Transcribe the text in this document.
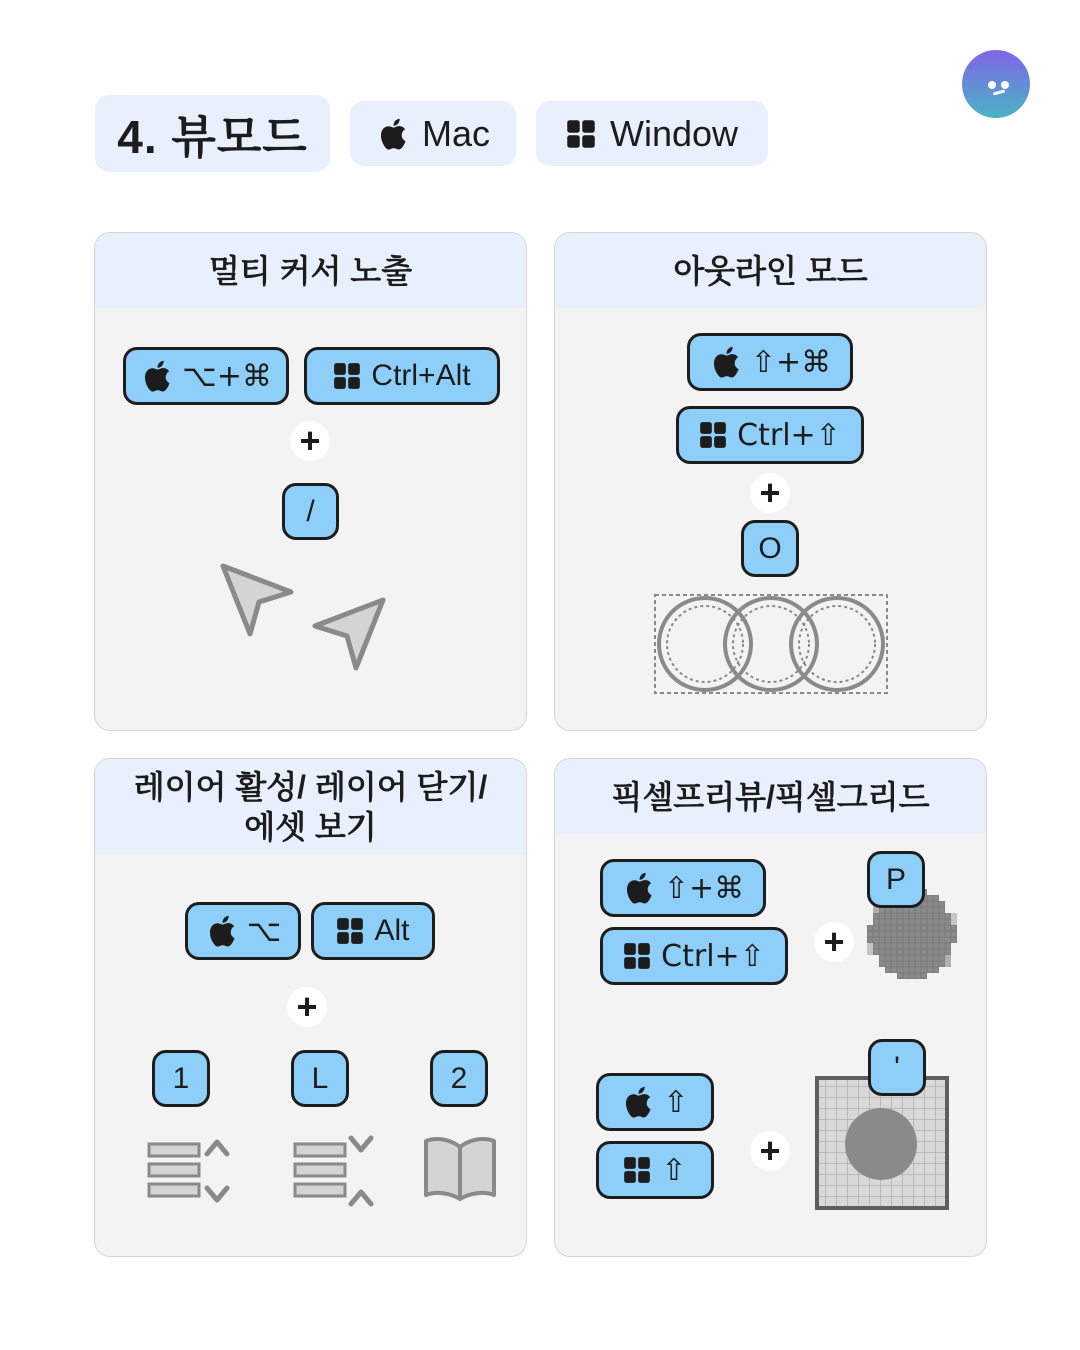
4. 뷰모드	Mac	Window
멀티 커서 노출
⌥+⌘	Ctrl+Alt
+
/
아웃라인 모드
⇧+⌘
Ctrl+⇧
+
O
레이어 활성/ 레이어 닫기/
에셋 보기
⌥	Alt
+
1	L	2
픽셀프리뷰/픽셀그리드
⇧+⌘
Ctrl+⇧ +
P
⇧
⇧ +
'
